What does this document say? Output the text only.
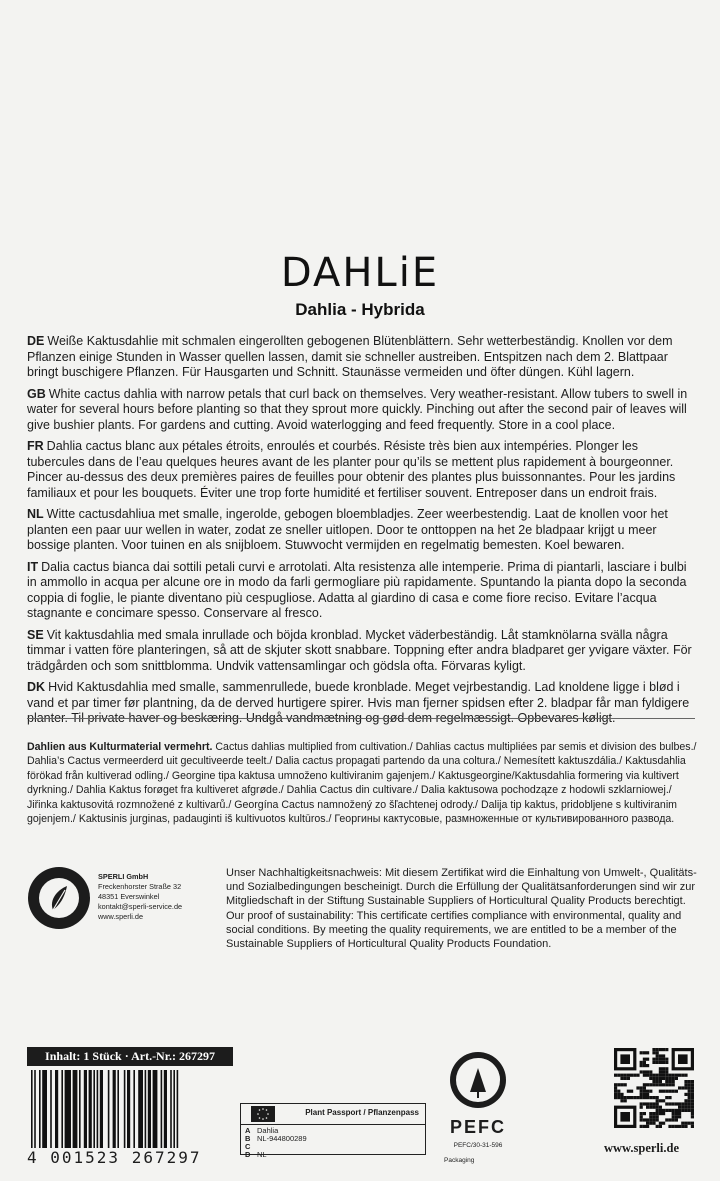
DAHLiE
Dahlia - Hybrida
DE Weiße Kaktusdahlie mit schmalen eingerollten gebogenen Blütenblättern. Sehr wetterbeständig. Knollen vor dem Pflanzen einige Stunden in Wasser quellen lassen, damit sie schneller austreiben. Entspitzen nach dem 2. Blattpaar bringt buschigere Pflanzen. Für Hausgarten und Schnitt. Staunässe vermeiden und öfter düngen. Kühl lagern.
GB White cactus dahlia with narrow petals that curl back on themselves. Very weather-resistant. Allow tubers to swell in water for several hours before planting so that they sprout more quickly. Pinching out after the second pair of leaves will give bushier plants. For gardens and cutting. Avoid waterlogging and feed frequently. Store in a cool place.
FR Dahlia cactus blanc aux pétales étroits, enroulés et courbés. Résiste très bien aux intempéries. Plonger les tubercules dans de l’eau quelques heures avant de les planter pour qu’ils se mettent plus rapidement à bourgeonner. Pincer au-dessus des deux premières paires de feuilles pour obtenir des plantes plus buissonnantes. Pour les jardins familiaux et pour les bouquets. Éviter une trop forte humidité et fertiliser souvent. Entreposer dans un endroit frais.
NL Witte cactusdahliua met smalle, ingerolde, gebogen bloembladjes. Zeer weerbestendig. Laat de knollen voor het planten een paar uur wellen in water, zodat ze sneller uitlopen. Door te onttoppen na het 2e bladpaar krijgt u meer bossige planten. Voor tuinen en als snijbloem. Stuwvocht vermijden en regelmatig bemesten. Koel bewaren.
IT Dalia cactus bianca dai sottili petali curvi e arrotolati. Alta resistenza alle intemperie. Prima di piantarli, lasciare i bulbi in ammollo in acqua per alcune ore in modo da farli germogliare più rapidamente. Spuntando la pianta dopo la seconda coppia di foglie, le piante diventano più cespugliose. Adatta al giardino di casa e come fiore reciso. Evitare l’acqua stagnante e concimare spesso. Conservare al fresco.
SE Vit kaktusdahlia med smala inrullade och böjda kronblad. Mycket väderbeständig. Låt stamknölarna svälla några timmar i vatten före planteringen, så att de skjuter skott snabbare. Toppning efter andra bladparet ger yvigare växter. För trädgården och som snittblomma. Undvik vattensamlingar och gödsla ofta. Förvaras kyligt.
DK Hvid Kaktusdahlia med smalle, sammenrullede, buede kronblade. Meget vejrbestandig. Lad knoldene ligge i blød i vand et par timer før plantning, da de derved hurtigere spirer. Hvis man fjerner spidsen efter 2. bladpar får man fyldigere planter. Til private haver og beskæring. Undgå vandmætning og gød dem regelmæssigt. Opbevares køligt.
Dahlien aus Kulturmaterial vermehrt. Cactus dahlias multiplied from cultivation./ Dahlias cactus multipliées par semis et division des bulbes./ Dahlia’s Cactus vermeerderd uit gecultiveerde teelt./ Dalia cactus propagati partendo da una coltura./ Nemesített kaktuszdália./ Kaktusdahlia förökad från kultiverad odling./ Georgine tipa kaktusa umnoženo kultiviranim gajenjem./ Kaktusgeorgine/Kaktusdahlia formering via kultivert dyrkning./ Dahlia Kaktus forøget fra kultiveret afgrøde./ Dahlia Cactus din cultivare./ Dalia kaktusowa pochodząze z hodowli szklarniowej./ Jiřinka kaktusovitá rozmnožené z kultivarů./ Georgína Cactus namnožený zo šľachtenej odrody./ Dalija tip kaktus, pridobljene s kultiviranim gojenjem./ Kaktusinis jurginas, padauginti iš kultivuotos kultūros./ Георгины кактусовые, размноженные от культивированного развода.
SPERLI GmbH
Freckenhorster Straße 32
48351 Everswinkel
kontakt@sperli-service.de
www.sperli.de
Unser Nachhaltigkeitsnachweis: Mit diesem Zertifikat wird die Einhaltung von Umwelt-, Qualitäts- und Sozialbedingungen bescheinigt. Durch die Erfüllung der Qualitätsanforderungen sind wir zur Mitgliedschaft in der Stiftung Sustainable Suppliers of Horticultural Quality Products berechtigt.
Our proof of sustainability: This certificate certifies compliance with environmental, quality and social conditions. By meeting the quality requirements, we are entitled to be a member of the Sustainable Suppliers of Horticultural Quality Products Foundation.
Inhalt: 1 Stück · Art.-Nr.: 267297
4 001523 267297
Plant Passport / Pflanzenpass
A Dahlia
B NL-944800289
C
D NL
PEFC
PEFC/30-31-596
Packaging
www.sperli.de
